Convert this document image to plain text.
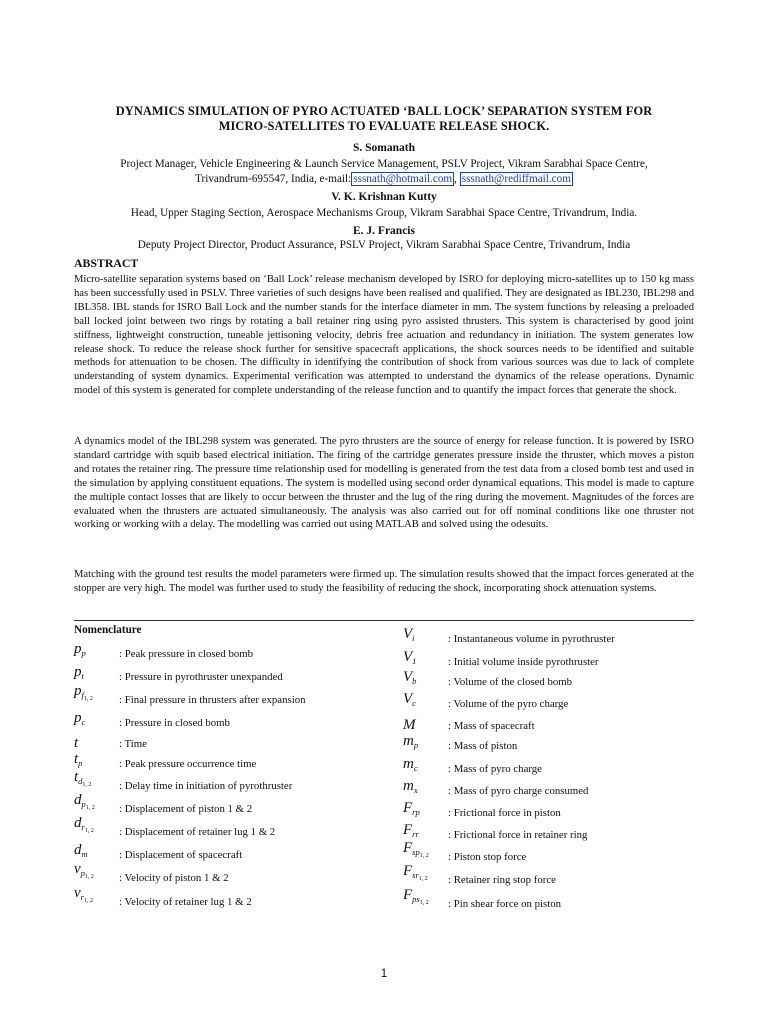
DYNAMICS SIMULATION OF PYRO ACTUATED ‘BALL LOCK’ SEPARATION SYSTEM FOR
MICRO-SATELLITES TO EVALUATE RELEASE SHOCK.
S. Somanath
Project Manager, Vehicle Engineering & Launch Service Management, PSLV Project, Vikram Sarabhai Space Centre,
Trivandrum-695547, India, e-mail: sssnath@hotmail.com , sssnath@rediffmail.com
V. K. Krishnan Kutty
Head, Upper Staging Section, Aerospace Mechanisms Group, Vikram Sarabhai Space Centre, Trivandrum, India.
E. J. Francis
Deputy Project Director, Product Assurance, PSLV Project, Vikram Sarabhai Space Centre, Trivandrum, India
ABSTRACT

Micro-satellite separation systems based on ‘Ball Lock’ release mechanism developed by ISRO for deploying micro-satellites up to 150 kg mass has been successfully used in PSLV. Three varieties of such designs have been realised and qualified. They are designated as IBL230, IBL298 and IBL358. IBL stands for ISRO Ball Lock and the number stands for the interface diameter in mm. The system functions by releasing a preloaded ball locked joint between two rings by rotating a ball retainer ring using pyro assisted thrusters. This system is characterised by good joint stiffness, lightweight construction, tuneable jettisoning velocity, debris free actuation and redundancy in initiation. The system generates low release shock. To reduce the release shock further for sensitive spacecraft applications, the shock sources needs to be identified and suitable methods for attenuation to be chosen. The difficulty in identifying the contribution of shock from various sources was due to lack of complete understanding of system dynamics. Experimental verification was attempted to understand the dynamics of the release operations. Dynamic model of this system is generated for complete understanding of the release function and to quantify the impact forces that generate the shock.

A dynamics model of the IBL298 system was generated. The pyro thrusters are the source of energy for release function. It is powered by ISRO standard cartridge with squib based electrical initiation. The firing of the cartridge generates pressure inside the thruster, which moves a piston and rotates the retainer ring. The pressure time relationship used for modelling is generated from the test data from a closed bomb test and used in the simulation by applying constituent equations. The system is modelled using second order dynamical equations. This model is made to capture the multiple contact losses that are likely to occur between the thruster and the lug of the ring during the movement. Magnitudes of the forces are evaluated when the thrusters are actuated simultaneously. The analysis was also carried out for off nominal conditions like one thruster not working or working with a delay. The modelling was carried out using MATLAB and solved using the odesuits.

Matching with the ground test results the model parameters were firmed up. The simulation results showed that the impact forces generated at the stopper are very high. The model was further used to study the feasibility of reducing the shock, incorporating shock attenuation systems.

Nomenclature
$p_p$	: Peak pressure in closed bomb
$p_t$	: Pressure in pyrothruster unexpanded
$p_{f_{1, 2}}$ : Final pressure in thrusters after expansion
$p_c$	: Pressure in closed bomb
t	: Time
$t_p$	: Peak pressure occurrence time
$t_{d_{1, 2}}$	: Delay time in initiation of pyrothruster
$d_{p_{1, 2}}$ : Displacement of piston 1 & 2
$d_{r_{1, 2}}$ : Displacement of retainer lug 1 & 2
$d_m$	: Displacement of spacecraft
$v_{p_{1, 2}}$ : Velocity of piston 1 & 2
$v_{r_{1, 2}}$ : Velocity of retainer lug 1 & 2
$V_i$	: Instantaneous volume in pyrothruster
$V_1$	: Initial volume inside pyrothruster
$V_b$	: Volume of the closed bomb
$V_c$	: Volume of the pyro charge
M	: Mass of spacecraft
$m_p$	: Mass of piston
$m_c$	: Mass of pyro charge
$m_x$	: Mass of pyro charge consumed
$F_{rp}$	: Frictional force in piston
$F_{rr}$	: Frictional force in retainer ring
$F_{sp_{1, 2}}$ : Piston stop force
$F_{sr_{1, 2}}$ : Retainer ring stop force
$F_{ps_{1, 2}}$ : Pin shear force on piston
1
